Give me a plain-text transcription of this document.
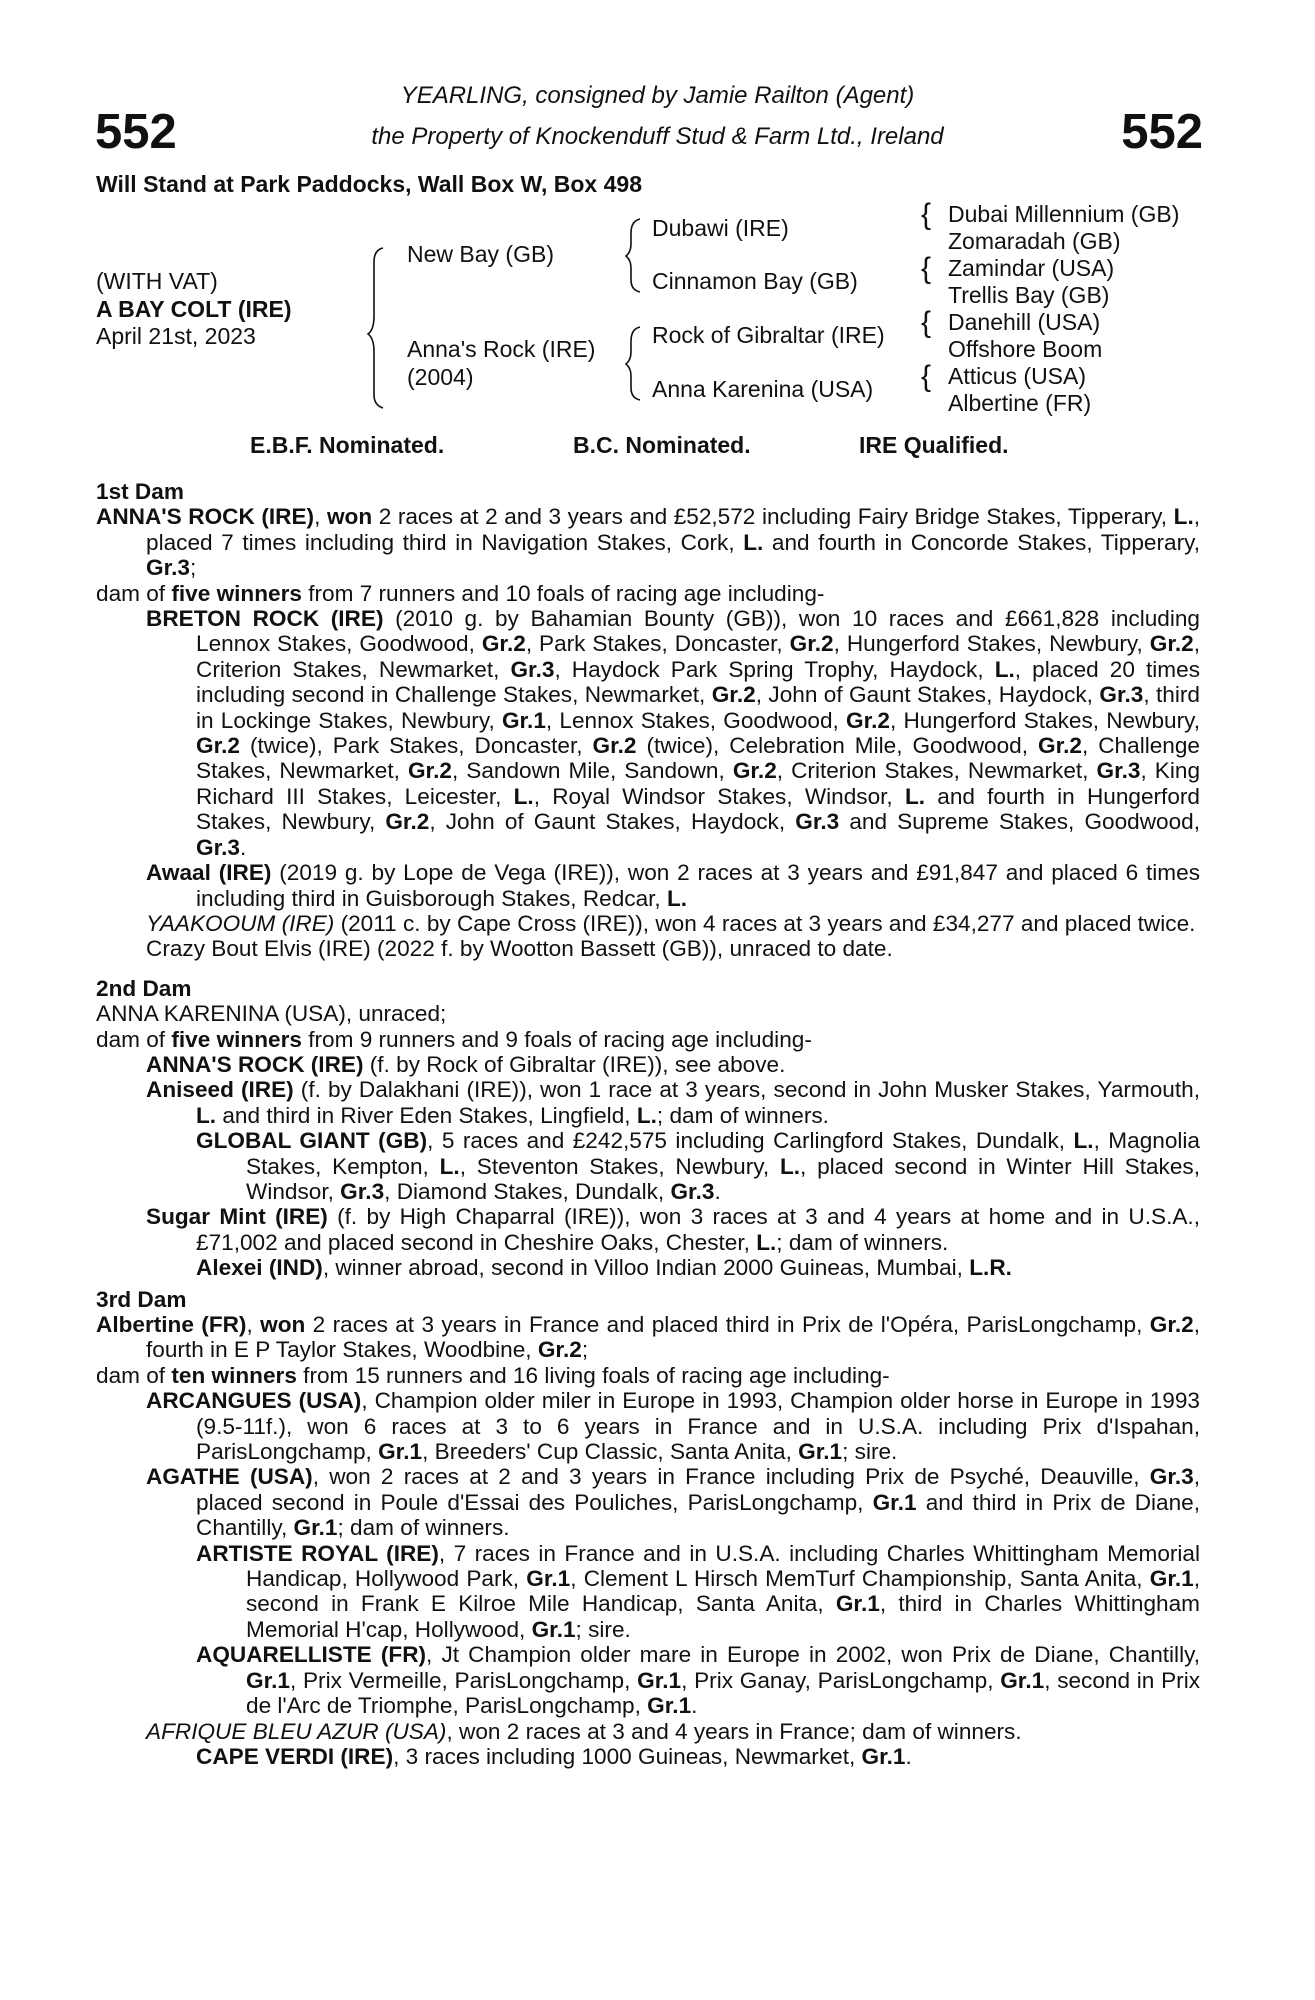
552	552
YEARLING, consigned by Jamie Railton (Agent)
the Property of Knockenduff Stud & Farm Ltd., Ireland
Will Stand at Park Paddocks, Wall Box W, Box 498
(WITH VAT)
A BAY COLT (IRE)
April 21st, 2023
New Bay (GB)
Anna's Rock (IRE)
(2004)
Dubawi (IRE)
Cinnamon Bay (GB)
Rock of Gibraltar (IRE)
Anna Karenina (USA)
{
{
{
{
Dubai Millennium (GB)
Zomaradah (GB)
Zamindar (USA)
Trellis Bay (GB)
Danehill (USA)
Offshore Boom
Atticus (USA)
Albertine (FR)
E.B.F. Nominated.	B.C. Nominated.	IRE Qualified.
1st Dam
ANNA'S ROCK (IRE), won 2 races at 2 and 3 years and £52,572 including Fairy Bridge Stakes, Tipperary, L., placed 7 times including third in Navigation Stakes, Cork, L. and fourth in Concorde Stakes, Tipperary, Gr.3;
dam of five winners from 7 runners and 10 foals of racing age including-
BRETON ROCK (IRE) (2010 g. by Bahamian Bounty (GB)), won 10 races and £661,828 including Lennox Stakes, Goodwood, Gr.2, Park Stakes, Doncaster, Gr.2, Hungerford Stakes, Newbury, Gr.2, Criterion Stakes, Newmarket, Gr.3, Haydock Park Spring Trophy, Haydock, L., placed 20 times including second in Challenge Stakes, Newmarket, Gr.2, John of Gaunt Stakes, Haydock, Gr.3, third in Lockinge Stakes, Newbury, Gr.1, Lennox Stakes, Goodwood, Gr.2, Hungerford Stakes, Newbury, Gr.2 (twice), Park Stakes, Doncaster, Gr.2 (twice), Celebration Mile, Goodwood, Gr.2, Challenge Stakes, Newmarket, Gr.2, Sandown Mile, Sandown, Gr.2, Criterion Stakes, Newmarket, Gr.3, King Richard III Stakes, Leicester, L., Royal Windsor Stakes, Windsor, L. and fourth in Hungerford Stakes, Newbury, Gr.2, John of Gaunt Stakes, Haydock, Gr.3 and Supreme Stakes, Goodwood, Gr.3.
Awaal (IRE) (2019 g. by Lope de Vega (IRE)), won 2 races at 3 years and £91,847 and placed 6 times including third in Guisborough Stakes, Redcar, L.
YAAKOOUM (IRE) (2011 c. by Cape Cross (IRE)), won 4 races at 3 years and £34,277 and placed twice.
Crazy Bout Elvis (IRE) (2022 f. by Wootton Bassett (GB)), unraced to date.
2nd Dam
ANNA KARENINA (USA), unraced;
dam of five winners from 9 runners and 9 foals of racing age including-
ANNA'S ROCK (IRE) (f. by Rock of Gibraltar (IRE)), see above.
Aniseed (IRE) (f. by Dalakhani (IRE)), won 1 race at 3 years, second in John Musker Stakes, Yarmouth, L. and third in River Eden Stakes, Lingfield, L.; dam of winners.
GLOBAL GIANT (GB), 5 races and £242,575 including Carlingford Stakes, Dundalk, L., Magnolia Stakes, Kempton, L., Steventon Stakes, Newbury, L., placed second in Winter Hill Stakes, Windsor, Gr.3, Diamond Stakes, Dundalk, Gr.3.
Sugar Mint (IRE) (f. by High Chaparral (IRE)), won 3 races at 3 and 4 years at home and in U.S.A., £71,002 and placed second in Cheshire Oaks, Chester, L.; dam of winners.
Alexei (IND), winner abroad, second in Villoo Indian 2000 Guineas, Mumbai, L.R.
3rd Dam
Albertine (FR), won 2 races at 3 years in France and placed third in Prix de l'Opéra, ParisLongchamp, Gr.2, fourth in E P Taylor Stakes, Woodbine, Gr.2;
dam of ten winners from 15 runners and 16 living foals of racing age including-
ARCANGUES (USA), Champion older miler in Europe in 1993, Champion older horse in Europe in 1993 (9.5-11f.), won 6 races at 3 to 6 years in France and in U.S.A. including Prix d'Ispahan, ParisLongchamp, Gr.1, Breeders' Cup Classic, Santa Anita, Gr.1; sire.
AGATHE (USA), won 2 races at 2 and 3 years in France including Prix de Psyché, Deauville, Gr.3, placed second in Poule d'Essai des Pouliches, ParisLongchamp, Gr.1 and third in Prix de Diane, Chantilly, Gr.1; dam of winners.
ARTISTE ROYAL (IRE), 7 races in France and in U.S.A. including Charles Whittingham Memorial Handicap, Hollywood Park, Gr.1, Clement L Hirsch MemTurf Championship, Santa Anita, Gr.1, second in Frank E Kilroe Mile Handicap, Santa Anita, Gr.1, third in Charles Whittingham Memorial H'cap, Hollywood, Gr.1; sire.
AQUARELLISTE (FR), Jt Champion older mare in Europe in 2002, won Prix de Diane, Chantilly, Gr.1, Prix Vermeille, ParisLongchamp, Gr.1, Prix Ganay, ParisLongchamp, Gr.1, second in Prix de l'Arc de Triomphe, ParisLongchamp, Gr.1.
AFRIQUE BLEU AZUR (USA), won 2 races at 3 and 4 years in France; dam of winners.
CAPE VERDI (IRE), 3 races including 1000 Guineas, Newmarket, Gr.1.
